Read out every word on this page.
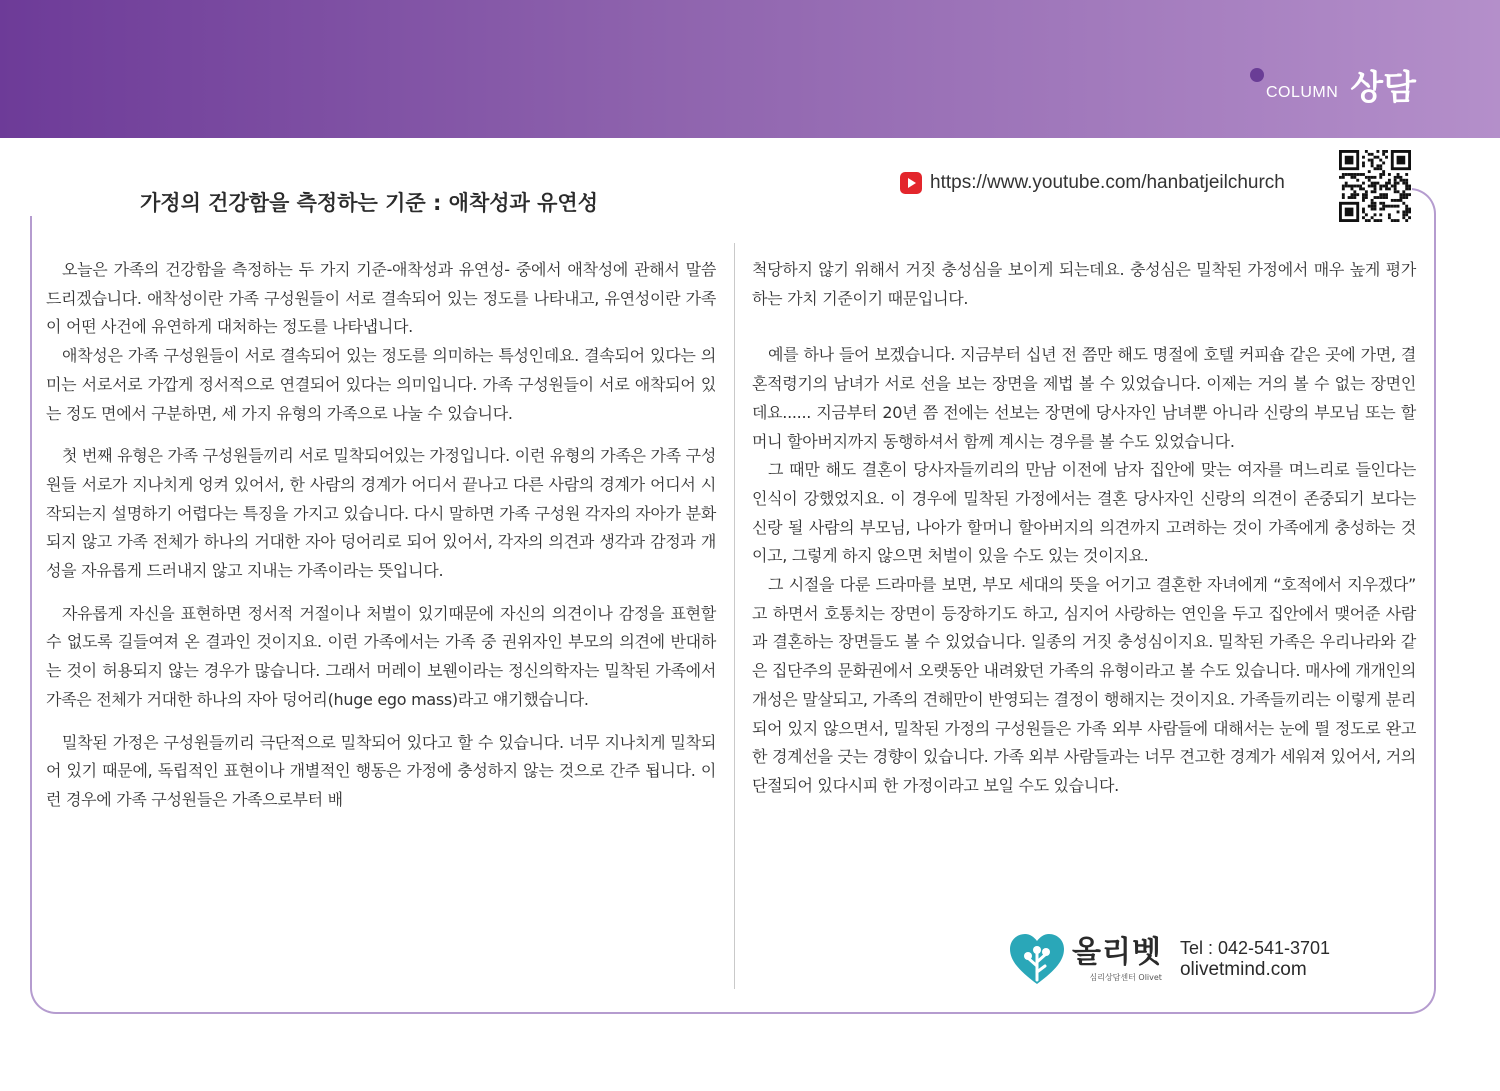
COLUMN 상담
가정의 건강함을 측정하는 기준 : 애착성과 유연성
https://www.youtube.com/hanbatjeilchurch

오늘은 가족의 건강함을 측정하는 두 가지 기준-애착성과 유연성- 중에서 애착성에 관해서 말씀드리겠습니다. 애착성이란 가족 구성원들이 서로 결속되어 있는 정도를 나타내고, 유연성이란 가족이 어떤 사건에 유연하게 대처하는 정도를 나타냅니다.

애착성은 가족 구성원들이 서로 결속되어 있는 정도를 의미하는 특성인데요. 결속되어 있다는 의미는 서로서로 가깝게 정서적으로 연결되어 있다는 의미입니다. 가족 구성원들이 서로 애착되어 있는 정도 면에서 구분하면, 세 가지 유형의 가족으로 나눌 수 있습니다.

첫 번째 유형은 가족 구성원들끼리 서로 밀착되어있는 가정입니다. 이런 유형의 가족은 가족 구성원들 서로가 지나치게 엉켜 있어서, 한 사람의 경계가 어디서 끝나고 다른 사람의 경계가 어디서 시작되는지 설명하기 어렵다는 특징을 가지고 있습니다. 다시 말하면 가족 구성원 각자의 자아가 분화되지 않고 가족 전체가 하나의 거대한 자아 덩어리로 되어 있어서, 각자의 의견과 생각과 감정과 개성을 자유롭게 드러내지 않고 지내는 가족이라는 뜻입니다.

자유롭게 자신을 표현하면 정서적 거절이나 처벌이 있기때문에 자신의 의견이나 감정을 표현할 수 없도록 길들여져 온 결과인 것이지요. 이런 가족에서는 가족 중 권위자인 부모의 의견에 반대하는 것이 허용되지 않는 경우가 많습니다. 그래서 머레이 보웬이라는 정신의학자는 밀착된 가족에서 가족은 전체가 거대한 하나의 자아 덩어리(huge ego mass)라고 얘기했습니다.

밀착된 가정은 구성원들끼리 극단적으로 밀착되어 있다고 할 수 있습니다. 너무 지나치게 밀착되어 있기 때문에, 독립적인 표현이나 개별적인 행동은 가정에 충성하지 않는 것으로 간주 됩니다. 이런 경우에 가족 구성원들은 가족으로부터 배

척당하지 않기 위해서 거짓 충성심을 보이게 되는데요. 충성심은 밀착된 가정에서 매우 높게 평가하는 가치 기준이기 때문입니다.

예를 하나 들어 보겠습니다. 지금부터 십년 전 쯤만 해도 명절에 호텔 커피숍 같은 곳에 가면, 결혼적령기의 남녀가 서로 선을 보는 장면을 제법 볼 수 있었습니다. 이제는 거의 볼 수 없는 장면인데요...... 지금부터 20년 쯤 전에는 선보는 장면에 당사자인 남녀뿐 아니라 신랑의 부모님 또는 할머니 할아버지까지 동행하셔서 함께 계시는 경우를 볼 수도 있었습니다.

그 때만 해도 결혼이 당사자들끼리의 만남 이전에 남자 집안에 맞는 여자를 며느리로 들인다는 인식이 강했었지요. 이 경우에 밀착된 가정에서는 결혼 당사자인 신랑의 의견이 존중되기 보다는 신랑 될 사람의 부모님, 나아가 할머니 할아버지의 의견까지 고려하는 것이 가족에게 충성하는 것이고, 그렇게 하지 않으면 처벌이 있을 수도 있는 것이지요.

그 시절을 다룬 드라마를 보면, 부모 세대의 뜻을 어기고 결혼한 자녀에게 “호적에서 지우겠다” 고 하면서 호통치는 장면이 등장하기도 하고, 심지어 사랑하는 연인을 두고 집안에서 맺어준 사람과 결혼하는 장면들도 볼 수 있었습니다. 일종의 거짓 충성심이지요. 밀착된 가족은 우리나라와 같은 집단주의 문화권에서 오랫동안 내려왔던 가족의 유형이라고 볼 수도 있습니다. 매사에 개개인의 개성은 말살되고, 가족의 견해만이 반영되는 결정이 행해지는 것이지요. 가족들끼리는 이렇게 분리되어 있지 않으면서, 밀착된 가정의 구성원들은 가족 외부 사람들에 대해서는 눈에 띌 정도로 완고한 경계선을 긋는 경향이 있습니다. 가족 외부 사람들과는 너무 견고한 경계가 세워져 있어서, 거의 단절되어 있다시피 한 가정이라고 보일 수도 있습니다.

올리벳
심리상담센터 Olivet
Tel : 042-541-3701
olivetmind.com
